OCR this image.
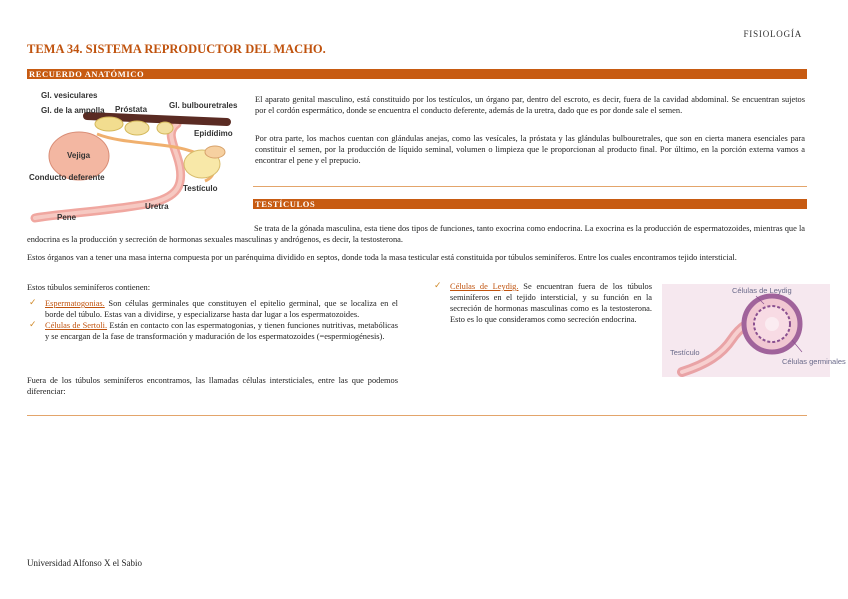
FISIOLOGÍA
TEMA 34. SISTEMA REPRODUCTOR DEL MACHO.
RECUERDO ANATÓMICO
Gl. vesiculares
Gl. de la ampolla Próstata	Gl. bulbouretrales
Vejiga
Epidídimo
Conducto deferente
Testículo
Uretra
Pene
El aparato genital masculino, está constituido por los testículos, un órgano par, dentro del escroto, es decir, fuera de la cavidad abdominal. Se encuentran sujetos por el cordón espermático, donde se encuentra el conducto deferente, además de la uretra, dado que es por donde sale el semen.
Por otra parte, los machos cuentan con glándulas anejas, como las vesícales, la próstata y las glándulas bulbouretrales, que son en cierta manera esenciales para constituir el semen, por la producción de líquido seminal, volumen o limpieza que le proporcionan al producto final. Por último, en la porción externa vamos a encontrar el pene y el prepucio.
TESTÍCULOS
Se trata de la gónada masculina, esta tiene dos tipos de funciones, tanto exocrina como endocrina. La exocrina es la producción de espermatozoides, mientras que la endocrina es la producción y secreción de hormonas sexuales masculinas y andrógenos, es decir, la testosterona.
Estos órganos van a tener una masa interna compuesta por un parénquima dividido en septos, donde toda la masa testicular está constituida por túbulos seminíferos. Entre los cuales encontramos tejido intersticial.
Estos túbulos seminíferos contienen:
✓ Espermatogonias. Son células germinales que constituyen el epitelio germinal, que se localiza en el borde del túbulo. Estas van a dividirse, y especializarse hasta dar lugar a los espermatozoides.
✓ Células de Sertoli. Están en contacto con las espermatogonias, y tienen funciones nutritivas, metabólicas y se encargan de la fase de transformación y maduración de los espermatozoides (=espermiogénesis).
Fuera de los túbulos seminíferos encontramos, las llamadas células intersticiales, entre las que podemos diferenciar:
✓ Células de Leydig. Se encuentran fuera de los túbulos seminíferos en el tejido intersticial, y su función en la secreción de hormonas masculinas como es la testosterona. Esto es lo que consideramos como secreción endocrina.
Células de Leydig
Testículo
Células germinales
Universidad Alfonso X el Sabio
